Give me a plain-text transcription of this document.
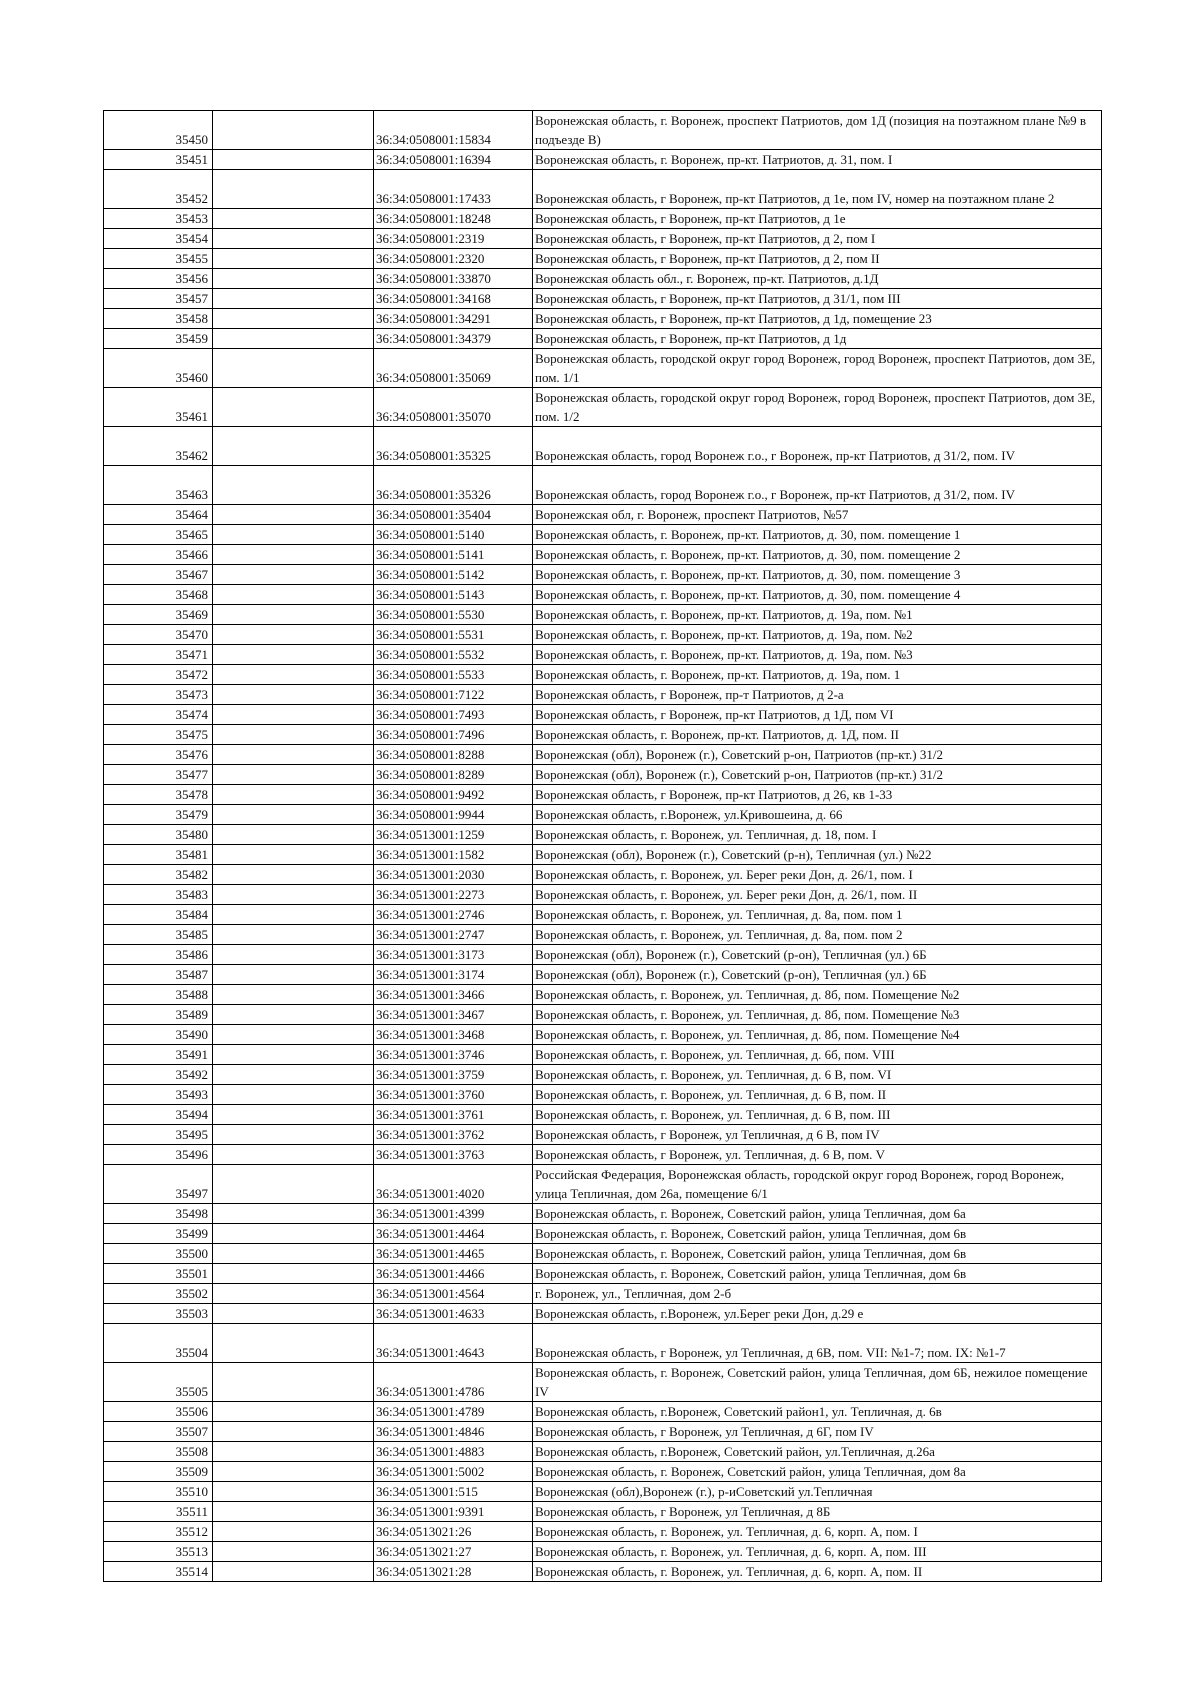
35450		36:34:0508001:15834	Воронежская область, г. Воронеж, проспект Патриотов, дом 1Д (позиция на поэтажном плане №9 в подъезде В)
35451		36:34:0508001:16394	Воронежская область, г. Воронеж, пр-кт. Патриотов, д. 31, пом. I
35452		36:34:0508001:17433	Воронежская область, г Воронеж, пр-кт Патриотов, д 1е, пом IV, номер на поэтажном плане 2
35453		36:34:0508001:18248	Воронежская область, г Воронеж, пр-кт Патриотов, д 1е
35454		36:34:0508001:2319	Воронежская область, г Воронеж, пр-кт Патриотов, д 2, пом I
35455		36:34:0508001:2320	Воронежская область, г Воронеж, пр-кт Патриотов, д 2, пом II
35456		36:34:0508001:33870	Воронежская область обл., г. Воронеж, пр-кт. Патриотов, д.1Д
35457		36:34:0508001:34168	Воронежская область, г Воронеж, пр-кт Патриотов, д 31/1, пом III
35458		36:34:0508001:34291	Воронежская область, г Воронеж, пр-кт Патриотов, д 1д, помещение 23
35459		36:34:0508001:34379	Воронежская область, г Воронеж, пр-кт Патриотов, д 1д
35460		36:34:0508001:35069	Воронежская область, городской округ город Воронеж, город Воронеж, проспект Патриотов, дом 3Е, пом. 1/1
35461		36:34:0508001:35070	Воронежская область, городской округ город Воронеж, город Воронеж, проспект Патриотов, дом 3Е, пом. 1/2
35462		36:34:0508001:35325	Воронежская область, город Воронеж г.о., г Воронеж, пр-кт Патриотов, д 31/2, пом. IV
35463		36:34:0508001:35326	Воронежская область, город Воронеж г.о., г Воронеж, пр-кт Патриотов, д 31/2, пом. IV
35464		36:34:0508001:35404	Воронежская обл, г. Воронеж, проспект Патриотов, №57
35465		36:34:0508001:5140	Воронежская область, г. Воронеж, пр-кт. Патриотов, д. 30, пом. помещение 1
35466		36:34:0508001:5141	Воронежская область, г. Воронеж, пр-кт. Патриотов, д. 30, пом. помещение 2
35467		36:34:0508001:5142	Воронежская область, г. Воронеж, пр-кт. Патриотов, д. 30, пом. помещение 3
35468		36:34:0508001:5143	Воронежская область, г. Воронеж, пр-кт. Патриотов, д. 30, пом. помещение 4
35469		36:34:0508001:5530	Воронежская область, г. Воронеж, пр-кт. Патриотов, д. 19а, пом. №1
35470		36:34:0508001:5531	Воронежская область, г. Воронеж, пр-кт. Патриотов, д. 19а, пом. №2
35471		36:34:0508001:5532	Воронежская область, г. Воронеж, пр-кт. Патриотов, д. 19а, пом. №3
35472		36:34:0508001:5533	Воронежская область, г. Воронеж, пр-кт. Патриотов, д. 19а, пом. 1
35473		36:34:0508001:7122	Воронежская область, г Воронеж, пр-т Патриотов, д 2-а
35474		36:34:0508001:7493	Воронежская область, г Воронеж, пр-кт Патриотов, д 1Д, пом VI
35475		36:34:0508001:7496	Воронежская область, г. Воронеж, пр-кт. Патриотов, д. 1Д, пом. II
35476		36:34:0508001:8288	Воронежская (обл), Воронеж (г.), Советский р-он, Патриотов (пр-кт.) 31/2
35477		36:34:0508001:8289	Воронежская (обл), Воронеж (г.), Советский р-он, Патриотов (пр-кт.) 31/2
35478		36:34:0508001:9492	Воронежская область, г Воронеж, пр-кт Патриотов, д 26, кв 1-33
35479		36:34:0508001:9944	Воронежская область, г.Воронеж, ул.Кривошеина, д. 66
35480		36:34:0513001:1259	Воронежская область, г. Воронеж, ул. Тепличная, д. 18, пом. I
35481		36:34:0513001:1582	Воронежская (обл), Воронеж (г.), Советский (р-н), Тепличная (ул.) №22
35482		36:34:0513001:2030	Воронежская область, г. Воронеж, ул. Берег реки Дон, д. 26/1, пом. I
35483		36:34:0513001:2273	Воронежская область, г. Воронеж, ул. Берег реки Дон, д. 26/1, пом. II
35484		36:34:0513001:2746	Воронежская область, г. Воронеж, ул. Тепличная, д. 8а, пом. пом 1
35485		36:34:0513001:2747	Воронежская область, г. Воронеж, ул. Тепличная, д. 8а, пом. пом 2
35486		36:34:0513001:3173	Воронежская (обл), Воронеж (г.), Советский (р-он), Тепличная (ул.) 6Б
35487		36:34:0513001:3174	Воронежская (обл), Воронеж (г.), Советский (р-он), Тепличная (ул.) 6Б
35488		36:34:0513001:3466	Воронежская область, г. Воронеж, ул. Тепличная, д. 8б, пом. Помещение №2
35489		36:34:0513001:3467	Воронежская область, г. Воронеж, ул. Тепличная, д. 8б, пом. Помещение №3
35490		36:34:0513001:3468	Воронежская область, г. Воронеж, ул. Тепличная, д. 8б, пом. Помещение №4
35491		36:34:0513001:3746	Воронежская область, г. Воронеж, ул. Тепличная, д. 6б, пом. VIII
35492		36:34:0513001:3759	Воронежская область, г. Воронеж, ул. Тепличная, д. 6 В, пом. VI
35493		36:34:0513001:3760	Воронежская область, г. Воронеж, ул. Тепличная, д. 6 В, пом. II
35494		36:34:0513001:3761	Воронежская область, г. Воронеж, ул. Тепличная, д. 6 В, пом. III
35495		36:34:0513001:3762	Воронежская область, г Воронеж, ул Тепличная, д 6 В, пом IV
35496		36:34:0513001:3763	Воронежская область, г Воронеж, ул. Тепличная, д. 6 В, пом. V
35497		36:34:0513001:4020	Российская Федерация, Воронежская область, городской округ город Воронеж, город Воронеж, улица Тепличная, дом 26а, помещение 6/1
35498		36:34:0513001:4399	Воронежская область, г. Воронеж, Советский район, улица Тепличная, дом 6а
35499		36:34:0513001:4464	Воронежская область, г. Воронеж, Советский район, улица Тепличная, дом 6в
35500		36:34:0513001:4465	Воронежская область, г. Воронеж, Советский район, улица Тепличная, дом 6в
35501		36:34:0513001:4466	Воронежская область, г. Воронеж, Советский район, улица Тепличная, дом 6в
35502		36:34:0513001:4564	г. Воронеж, ул., Тепличная, дом 2-б
35503		36:34:0513001:4633	Воронежская область, г.Воронеж, ул.Берег реки Дон, д.29 е
35504		36:34:0513001:4643	Воронежская область, г Воронеж, ул Тепличная, д 6В, пом. VII: №1-7; пом. IX: №1-7
35505		36:34:0513001:4786	Воронежская область, г. Воронеж, Советский район, улица Тепличная, дом 6Б, нежилое помещение IV
35506		36:34:0513001:4789	Воронежская область, г.Воронеж, Советский район1, ул. Тепличная, д. 6в
35507		36:34:0513001:4846	Воронежская область, г Воронеж, ул Тепличная, д 6Г, пом IV
35508		36:34:0513001:4883	Воронежская область, г.Воронеж, Советский район, ул.Тепличная, д.26а
35509		36:34:0513001:5002	Воронежская область, г. Воронеж, Советский район, улица Тепличная, дом 8а
35510		36:34:0513001:515	Воронежская (обл),Воронеж (г.), р-иСоветский ул.Тепличная
35511		36:34:0513001:9391	Воронежская область, г Воронеж, ул Тепличная, д 8Б
35512		36:34:0513021:26	Воронежская область, г. Воронеж, ул. Тепличная, д. 6, корп. А, пом. I
35513		36:34:0513021:27	Воронежская область, г. Воронеж, ул. Тепличная, д. 6, корп. А, пом. III
35514		36:34:0513021:28	Воронежская область, г. Воронеж, ул. Тепличная, д. 6, корп. А, пом. II
